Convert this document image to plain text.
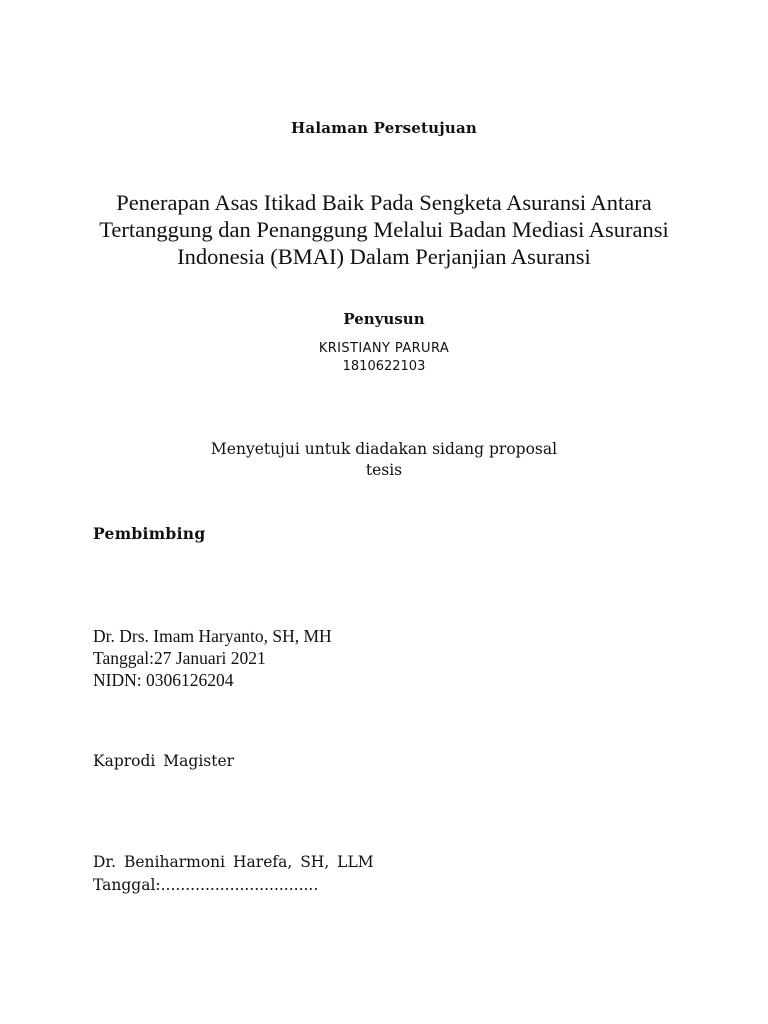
Halaman Persetujuan
Penerapan Asas Itikad Baik Pada Sengketa Asuransi Antara
Tertanggung dan Penanggung Melalui Badan Mediasi Asuransi
Indonesia (BMAI) Dalam Perjanjian Asuransi
Penyusun
KRISTIANY PARURA
1810622103
Menyetujui untuk diadakan sidang proposal
tesis
Pembimbing
Dr. Drs. Imam Haryanto, SH, MH
Tanggal:27 Januari 2021
NIDN: 0306126204
Kaprodi Magister
Dr. Beniharmoni Harefa, SH, LLM
Tanggal:................................
